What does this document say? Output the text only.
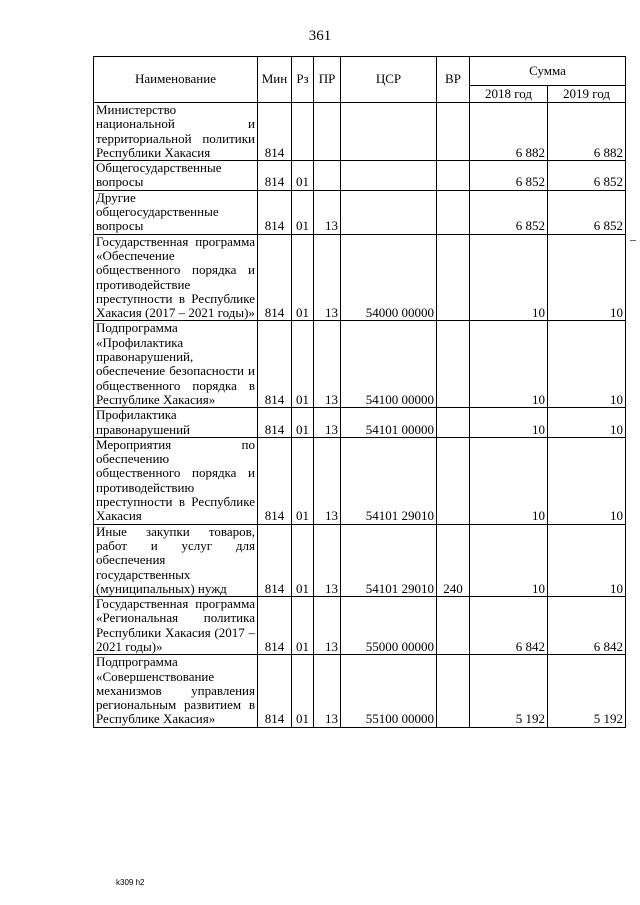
361
Наименование	Мин	Рз	ПР	ЦСР	ВР	Сумма	
						2018 год	2019 год
Министерство национальной и территориальной политики Республики Хакасия	814					6 882	6 882
Общегосударственные вопросы	814	01				6 852	6 852
Другие общегосударственные вопросы	814	01	13			6 852	6 852
Государственная программа «Обеспечение общественного порядка и противодействие преступности в Республике Хакасия (2017 – 2021 годы)»	814	01	13	54000 00000		10	10
Подпрограмма «Профилактика правонарушений, обеспечение безопасности и общественного порядка в Республике Хакасия»	814	01	13	54100 00000		10	10
Профилактика правонарушений	814	01	13	54101 00000		10	10
Мероприятия по обеспечению общественного порядка и противодействию преступности в Республике Хакасия	814	01	13	54101 29010		10	10
Иные закупки товаров, работ и услуг для обеспечения государственных (муниципальных) нужд	814	01	13	54101 29010	240	10	10
Государственная программа «Региональная политика Республики Хакасия (2017 – 2021 годы)»	814	01	13	55000 00000		6 842	6 842
Подпрограмма «Совершенствование механизмов управления региональным развитием в Республике Хакасия»	814	01	13	55100 00000		5 192	5 192
–
k309 h2
